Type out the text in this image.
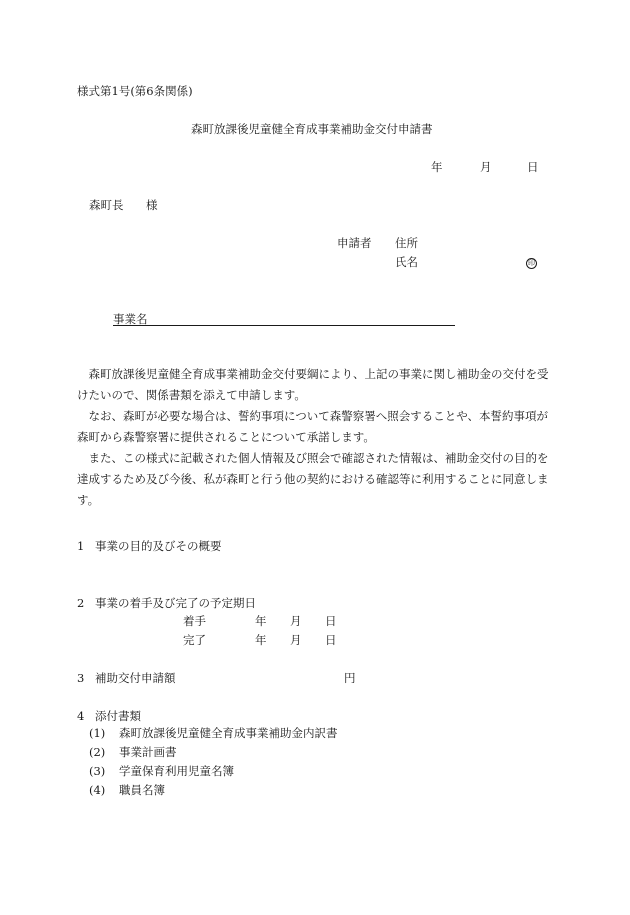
様式第1号(第6条関係)
森町放課後児童健全育成事業補助金交付申請書
年	月	日
森町長 様
申請者 住所
氏名	印
事業名

森町放課後児童健全育成事業補助金交付要綱により、上記の事業に関し補助金の交付を受けたいので、関係書類を添えて申請します。

なお、森町が必要な場合は、誓約事項について森警察署へ照会することや、本誓約事項が森町から森警察署に提供されることについて承諾します。

また、この様式に記載された個人情報及び照会で確認された情報は、補助金交付の目的を達成するため及び今後、私が森町と行う他の契約における確認等に利用することに同意します。

1 事業の目的及びその概要
2 事業の着手及び完了の予定期日
着手	年 月 日
完了	年 月 日
3 補助交付申請額	円
4 添付書類
(1) 森町放課後児童健全育成事業補助金内訳書
(2) 事業計画書
(3) 学童保育利用児童名簿
(4) 職員名簿
